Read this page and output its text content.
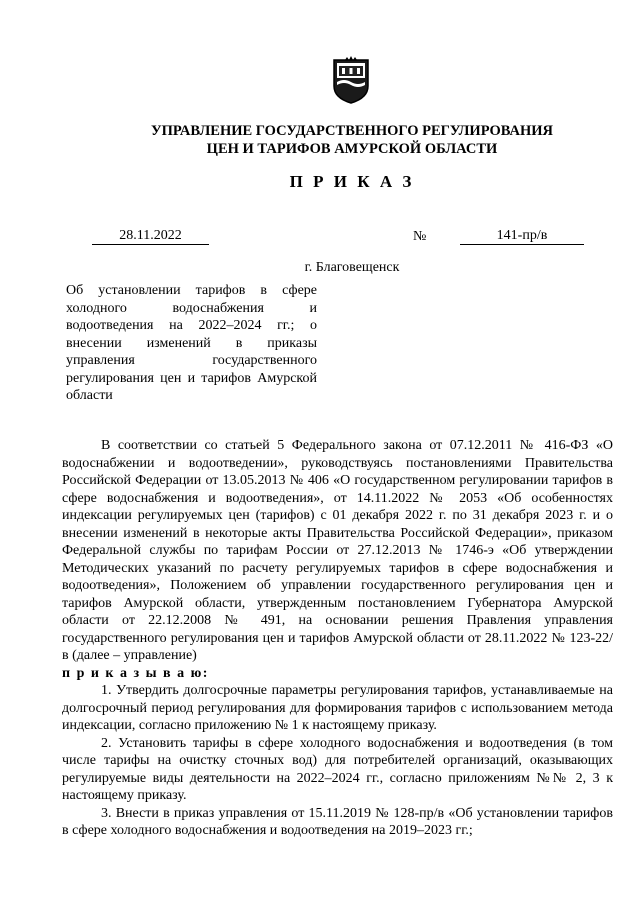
УПРАВЛЕНИЕ ГОСУДАРСТВЕННОГО РЕГУЛИРОВАНИЯ
ЦЕН И ТАРИФОВ АМУРСКОЙ ОБЛАСТИ
П Р И К А З
28.11.2022	№	141-пр/в
г. Благовещенск
Об установлении тарифов в сфере холодного водоснабжения и водоотведения на 2022–2024 гг.; о внесении изменений в приказы управления государственного регулирования цен и тарифов Амурской области

В соответствии со статьей 5 Федерального закона от 07.12.2011 № 416-ФЗ «О водоснабжении и водоотведении», руководствуясь постановлениями Правительства Российской Федерации от 13.05.2013 № 406 «О государственном регулировании тарифов в сфере водоснабжения и водоотведения», от 14.11.2022 № 2053 «Об особенностях индексации регулируемых цен (тарифов) с 01 декабря 2022 г. по 31 декабря 2023 г. и о внесении изменений в некоторые акты Правительства Российской Федерации», приказом Федеральной службы по тарифам России от 27.12.2013 № 1746-э «Об утверждении Методических указаний по расчету регулируемых тарифов в сфере водоснабжения и водоотведения», Положением об управлении государственного регулирования цен и тарифов Амурской области, утвержденным постановлением Губернатора Амурской области от 22.12.2008 № 491, на основании решения Правления управления государственного регулирования цен и тарифов Амурской области от 28.11.2022 № 123-22/в (далее – управление)

п р и к а з ы в а ю:

1. Утвердить долгосрочные параметры регулирования тарифов, устанавливаемые на долгосрочный период регулирования для формирования тарифов с использованием метода индексации, согласно приложению № 1 к настоящему приказу.

2. Установить тарифы в сфере холодного водоснабжения и водоотведения (в том числе тарифы на очистку сточных вод) для потребителей организаций, оказывающих регулируемые виды деятельности на 2022–2024 гг., согласно приложениям №№ 2, 3 к настоящему приказу.

3. Внести в приказ управления от 15.11.2019 № 128-пр/в «Об установлении тарифов в сфере холодного водоснабжения и водоотведения на 2019–2023 гг.;
